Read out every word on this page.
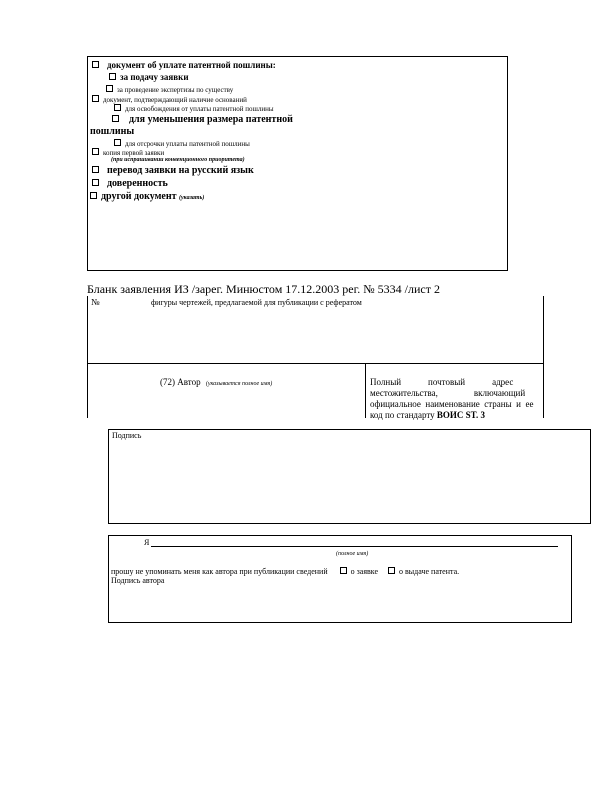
документ об уплате патентной пошлины:
за подачу заявки
за проведение экспертизы по существу
документ, подтверждающий наличие оснований
для освобождения от уплаты патентной пошлины
для уменьшения размера патентной
пошлины
для отсрочки уплаты патентной пошлины
копия первой заявки
(при испрашивании конвенционного приоритета)
перевод заявки на русский язык
доверенность
другой документ (указать)
Бланк заявления ИЗ /зарег. Минюстом 17.12.2003 рег. № 5334 /лист 2
№	фигуры чертежей, предлагаемой для публикации с рефератом
(72) Автор (указывается полное имя)	Полный            почтовый            адрес
местожительства,                включающий
официальное  наименование  страны  и  ее
код по стандарту ВОИС ST. 3
Подпись
Я
(полное имя)
прошу не упоминать меня как автора при публикации сведений	о заявке	о выдаче патента.
Подпись автора
